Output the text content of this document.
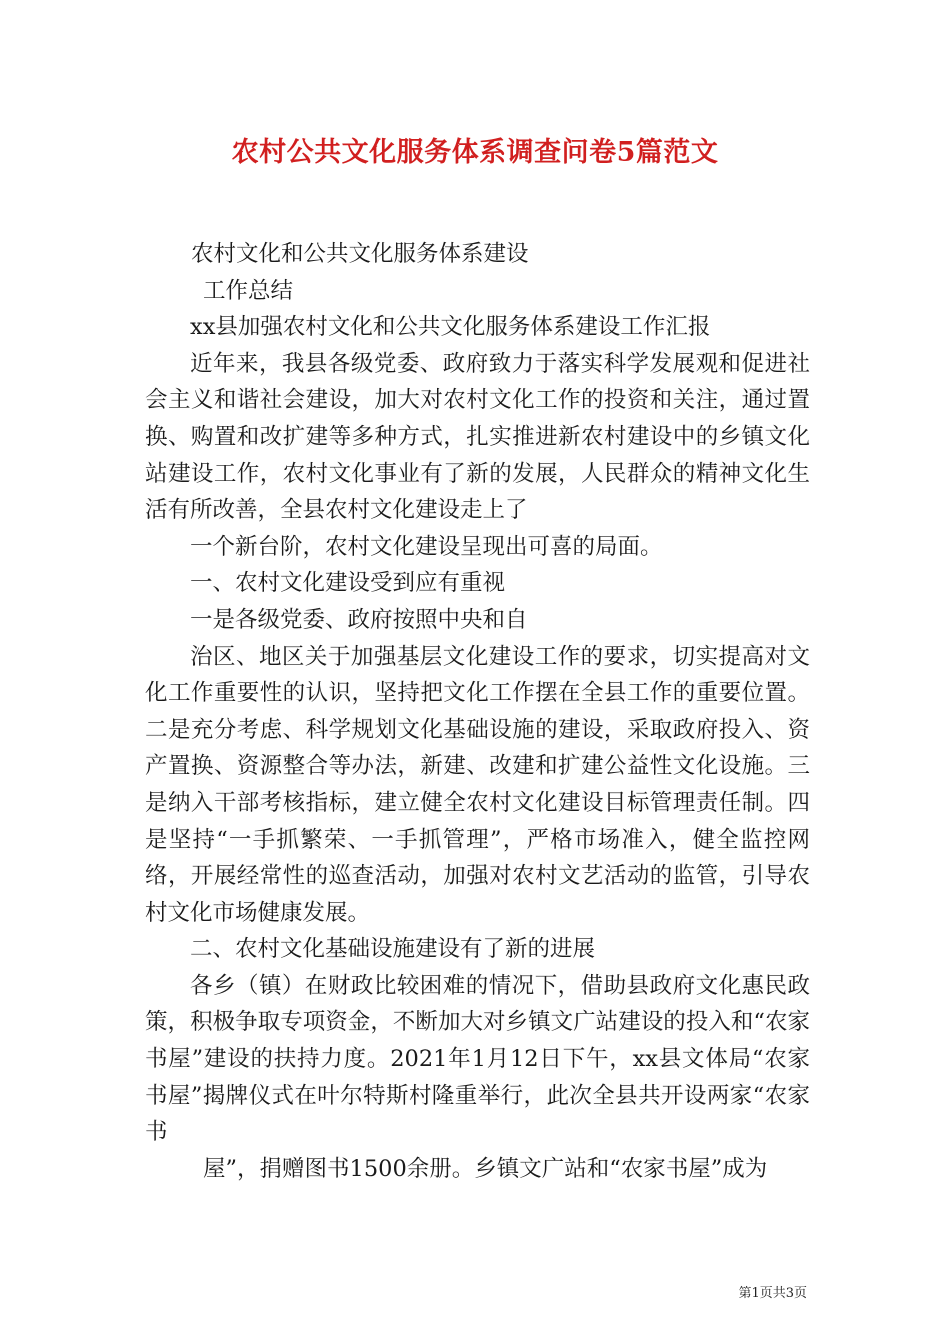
农村公共文化服务体系调查问卷5篇范文

农村文化和公共文化服务体系建设

工作总结

xx县加强农村文化和公共文化服务体系建设工作汇报

近年来，我县各级党委、政府致力于落实科学发展观和促进社会主义和谐社会建设，加大对农村文化工作的投资和关注，通过置换、购置和改扩建等多种方式，扎实推进新农村建设中的乡镇文化站建设工作，农村文化事业有了新的发展，人民群众的精神文化生活有所改善，全县农村文化建设走上了

一个新台阶，农村文化建设呈现出可喜的局面。

一、农村文化建设受到应有重视

一是各级党委、政府按照中央和自

治区、地区关于加强基层文化建设工作的要求，切实提高对文化工作重要性的认识，坚持把文化工作摆在全县工作的重要位置。二是充分考虑、科学规划文化基础设施的建设，采取政府投入、资产置换、资源整合等办法，新建、改建和扩建公益性文化设施。三是纳入干部考核指标，建立健全农村文化建设目标管理责任制。四是坚持“一手抓繁荣、一手抓管理”，严格市场准入，健全监控网络，开展经常性的巡查活动，加强对农村文艺活动的监管，引导农村文化市场健康发展。

二、农村文化基础设施建设有了新的进展

各乡（镇）在财政比较困难的情况下，借助县政府文化惠民政策，积极争取专项资金，不断加大对乡镇文广站建设的投入和“农家书屋”建设的扶持力度。2021年1月12日下午，xx县文体局“农家书屋”揭牌仪式在叶尔特斯村隆重举行，此次全县共开设两家“农家书

屋”，捐赠图书1500余册。乡镇文广站和“农家书屋”成为

第1页共3页
